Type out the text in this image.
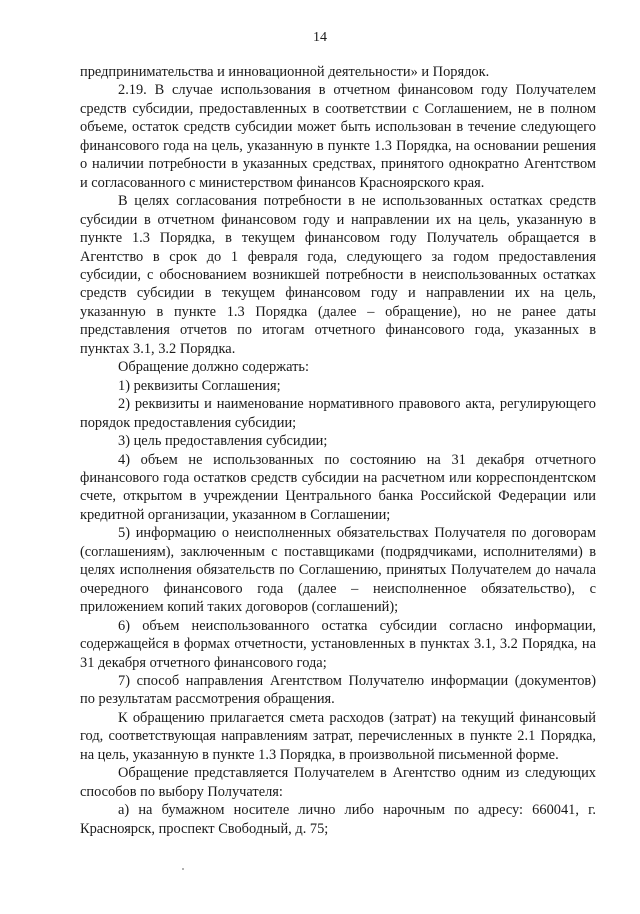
14

предпринимательства и инновационной деятельности» и Порядок.

2.19. В случае использования в отчетном финансовом году Получателем средств субсидии, предоставленных в соответствии с Соглашением, не в полном объеме, остаток средств субсидии может быть использован в течение следующего финансового года на цель, указанную в пункте 1.3 Порядка, на основании решения о наличии потребности в указанных средствах, принятого однократно Агентством и согласованного с министерством финансов Красноярского края.

В целях согласования потребности в не использованных остатках средств субсидии в отчетном финансовом году и направлении их на цель, указанную в пункте 1.3 Порядка, в текущем финансовом году Получатель обращается в Агентство в срок до 1 февраля года, следующего за годом предоставления субсидии, с обоснованием возникшей потребности в неиспользованных остатках средств субсидии в текущем финансовом году и направлении их на цель, указанную в пункте 1.3 Порядка (далее – обращение), но не ранее даты представления отчетов по итогам отчетного финансового года, указанных в пунктах 3.1, 3.2 Порядка.

Обращение должно содержать:

1) реквизиты Соглашения;

2) реквизиты и наименование нормативного правового акта, регулирующего порядок предоставления субсидии;

3) цель предоставления субсидии;

4) объем не использованных по состоянию на 31 декабря отчетного финансового года остатков средств субсидии на расчетном или корреспондентском счете, открытом в учреждении Центрального банка Российской Федерации или кредитной организации, указанном в Соглашении;

5) информацию о неисполненных обязательствах Получателя по договорам (соглашениям), заключенным с поставщиками (подрядчиками, исполнителями) в целях исполнения обязательств по Соглашению, принятых Получателем до начала очередного финансового года (далее – неисполненное обязательство), с приложением копий таких договоров (соглашений);

6) объем неиспользованного остатка субсидии согласно информации, содержащейся в формах отчетности, установленных в пунктах 3.1, 3.2 Порядка, на 31 декабря отчетного финансового года;

7) способ направления Агентством Получателю информации (документов) по результатам рассмотрения обращения.

К обращению прилагается смета расходов (затрат) на текущий финансовый год, соответствующая направлениям затрат, перечисленных в пункте 2.1 Порядка, на цель, указанную в пункте 1.3 Порядка, в произвольной письменной форме.

Обращение представляется Получателем в Агентство одним из следующих способов по выбору Получателя:

а) на бумажном носителе лично либо нарочным по адресу: 660041, г. Красноярск, проспект Свободный, д. 75;
